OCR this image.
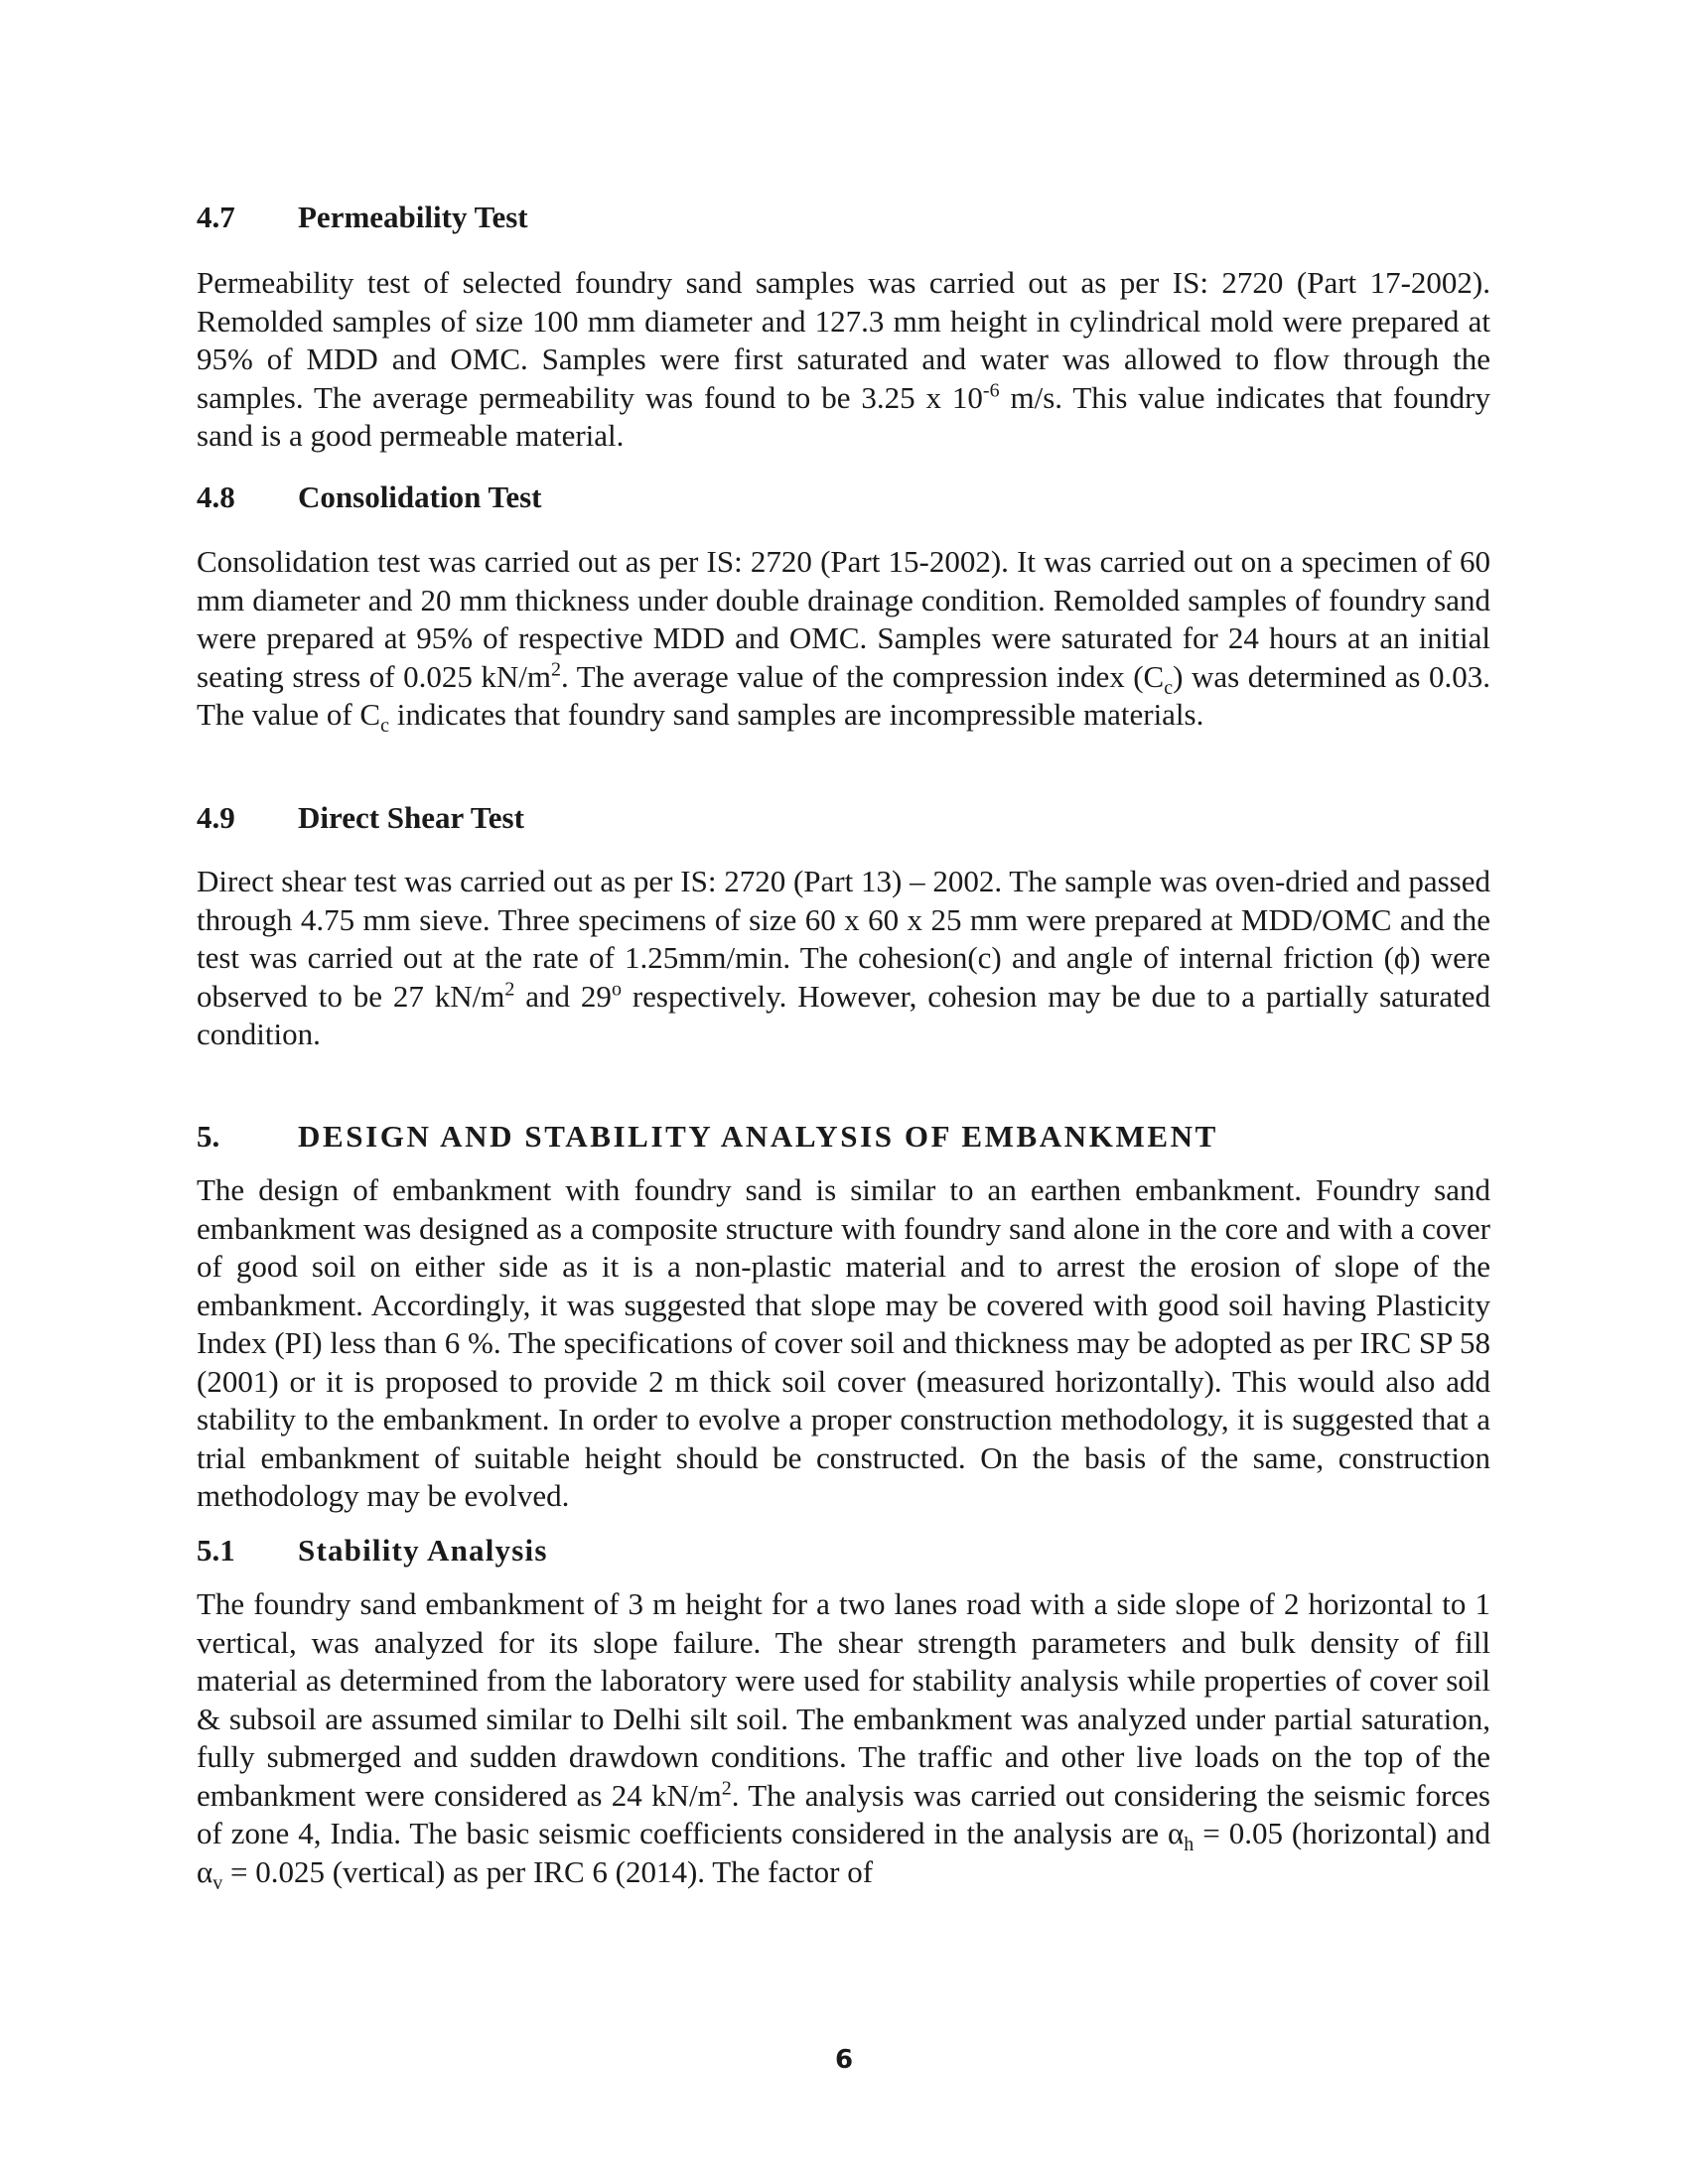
4.7	Permeability Test
Permeability test of selected foundry sand samples was carried out as per IS: 2720 (Part 17-2002). Remolded samples of size 100 mm diameter and 127.3 mm height in cylindrical mold were prepared at 95% of MDD and OMC. Samples were first saturated and water was allowed to flow through the samples. The average permeability was found to be 3.25 x $10^{-6}$ m/s. This value indicates that foundry sand is a good permeable material.
4.8	Consolidation Test
Consolidation test was carried out as per IS: 2720 (Part 15-2002). It was carried out on a specimen of 60 mm diameter and 20 mm thickness under double drainage condition. Remolded samples of foundry sand were prepared at 95% of respective MDD and OMC. Samples were saturated for 24 hours at an initial seating stress of 0.025 $kN/m^2$. The average value of the compression index $(C_c)$ was determined as 0.03. The value of $C_c$ indicates that foundry sand samples are incompressible materials.
4.9	Direct Shear Test
Direct shear test was carried out as per IS: 2720 (Part 13) – 2002. The sample was oven-dried and passed through 4.75 mm sieve. Three specimens of size 60 x 60 x 25 mm were prepared at MDD/OMC and the test was carried out at the rate of 1.25mm/min. The cohesion(c) and angle of internal friction (ϕ) were observed to be 27 $kN/m^2$ and 29$^o$ respectively. However, cohesion may be due to a partially saturated condition.
5.	DESIGN AND STABILITY ANALYSIS OF EMBANKMENT
The design of embankment with foundry sand is similar to an earthen embankment. Foundry sand embankment was designed as a composite structure with foundry sand alone in the core and with a cover of good soil on either side as it is a non-plastic material and to arrest the erosion of slope of the embankment. Accordingly, it was suggested that slope may be covered with good soil having Plasticity Index (PI) less than 6 %. The specifications of cover soil and thickness may be adopted as per IRC SP 58 (2001) or it is proposed to provide 2 m thick soil cover (measured horizontally). This would also add stability to the embankment. In order to evolve a proper construction methodology, it is suggested that a trial embankment of suitable height should be constructed. On the basis of the same, construction methodology may be evolved.
5.1	Stability Analysis
The foundry sand embankment of 3 m height for a two lanes road with a side slope of 2 horizontal to 1 vertical, was analyzed for its slope failure. The shear strength parameters and bulk density of fill material as determined from the laboratory were used for stability analysis while properties of cover soil & subsoil are assumed similar to Delhi silt soil. The embankment was analyzed under partial saturation, fully submerged and sudden drawdown conditions. The traffic and other live loads on the top of the embankment were considered as 24 $kN/m^2$. The analysis was carried out considering the seismic forces of zone 4, India. The basic seismic coefficients considered in the analysis are $\alpha_h = 0.05$ (horizontal) and $\alpha_v = 0.025$ (vertical) as per IRC 6 (2014). The factor of
6
